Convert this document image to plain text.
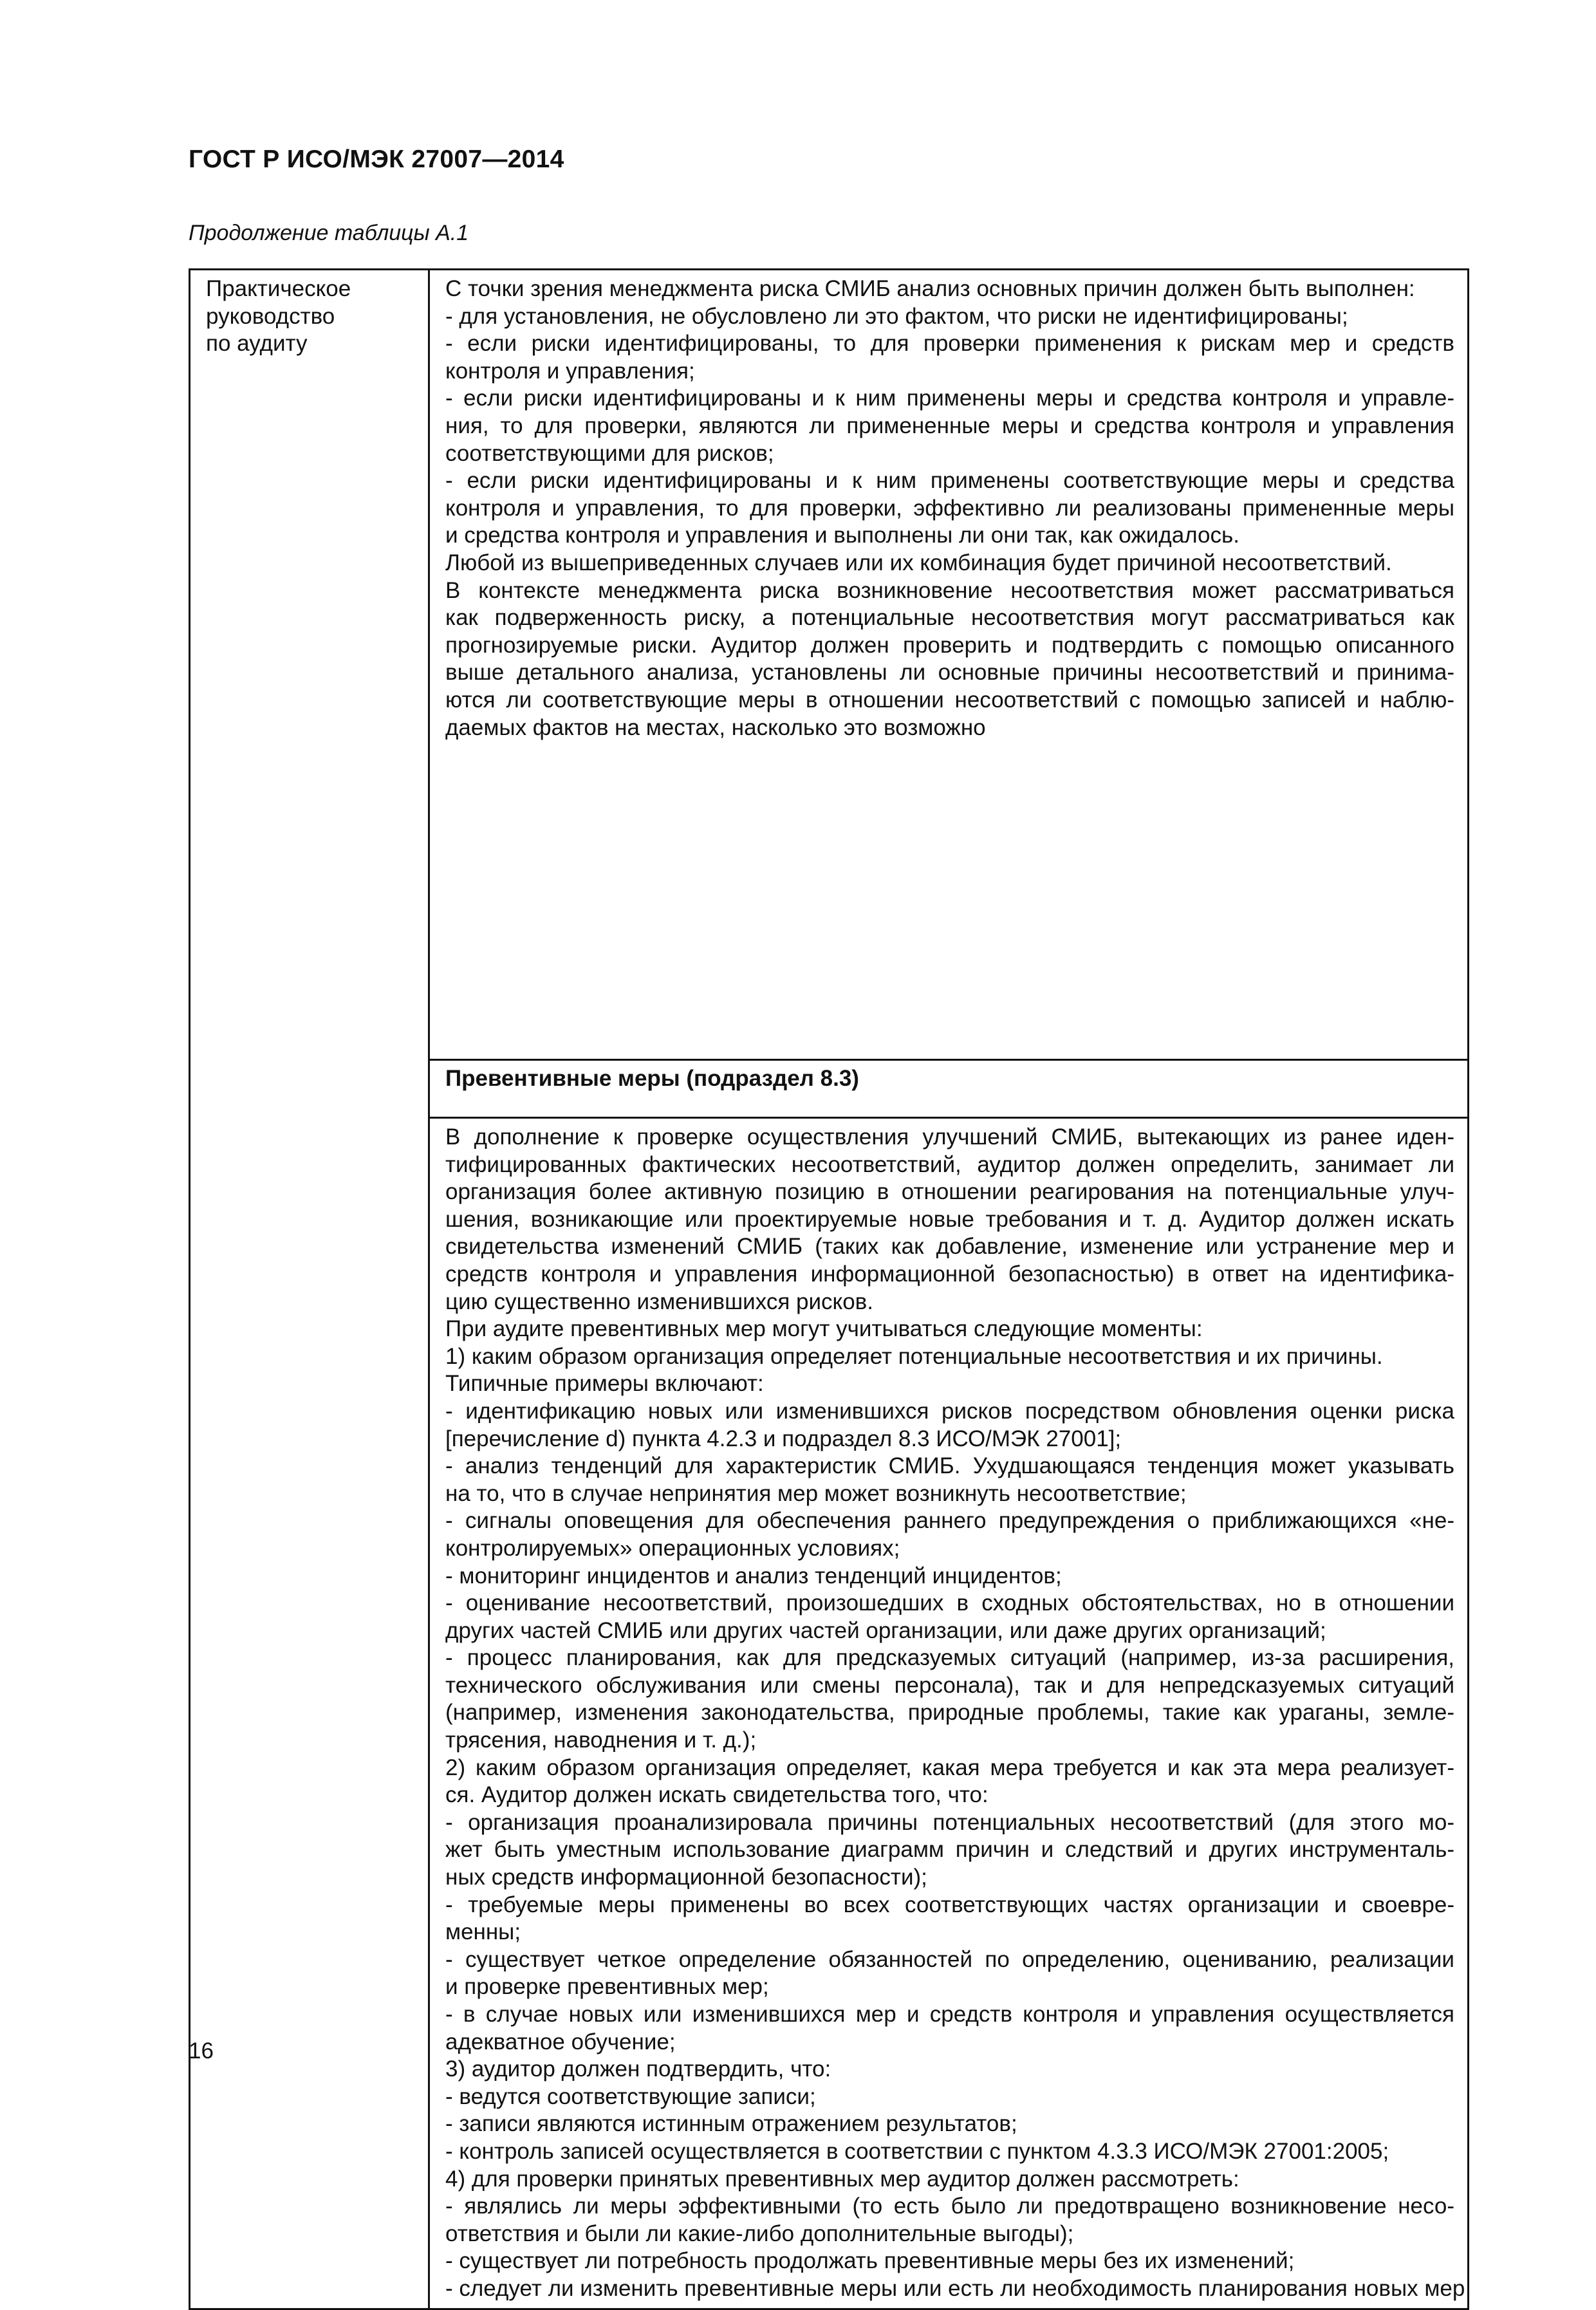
ГОСТ Р ИСО/МЭК 27007—2014
Продолжение таблицы А.1
Практическое
руководство
по аудиту

С точки зрения менеджмента риска СМИБ анализ основных причин должен быть выполнен:
- для установления, не обусловлено ли это фактом, что риски не идентифицированы;
- если риски идентифицированы, то для проверки применения к рискам мер и средств
контроля и управления;
- если риски идентифицированы и к ним применены меры и средства контроля и управле-
ния, то для проверки, являются ли примененные меры и средства контроля и управления
соответствующими для рисков;
- если риски идентифицированы и к ним применены соответствующие меры и средства
контроля и управления, то для проверки, эффективно ли реализованы примененные меры
и средства контроля и управления и выполнены ли они так, как ожидалось.
Любой из вышеприведенных случаев или их комбинация будет причиной несоответствий.
В контексте менеджмента риска возникновение несоответствия может рассматриваться
как подверженность риску, а потенциальные несоответствия могут рассматриваться как
прогнозируемые риски. Аудитор должен проверить и подтвердить с помощью описанного
выше детального анализа, установлены ли основные причины несоответствий и принима-
ются ли соответствующие меры в отношении несоответствий с помощью записей и наблю-
даемых фактов на местах, насколько это возможно

Превентивные меры (подраздел 8.3)

В дополнение к проверке осуществления улучшений СМИБ, вытекающих из ранее иден-
тифицированных фактических несоответствий, аудитор должен определить, занимает ли
организация более активную позицию в отношении реагирования на потенциальные улуч-
шения, возникающие или проектируемые новые требования и т. д. Аудитор должен искать
свидетельства изменений СМИБ (таких как добавление, изменение или устранение мер и
средств контроля и управления информационной безопасностью) в ответ на идентифика-
цию существенно изменившихся рисков.
При аудите превентивных мер могут учитываться следующие моменты:
1) каким образом организация определяет потенциальные несоответствия и их причины.
Типичные примеры включают:
- идентификацию новых или изменившихся рисков посредством обновления оценки риска
[перечисление d) пункта 4.2.3 и подраздел 8.3 ИСО/МЭК 27001];
- анализ тенденций для характеристик СМИБ. Ухудшающаяся тенденция может указывать
на то, что в случае непринятия мер может возникнуть несоответствие;
- сигналы оповещения для обеспечения раннего предупреждения о приближающихся «не-
контролируемых» операционных условиях;
- мониторинг инцидентов и анализ тенденций инцидентов;
- оценивание несоответствий, произошедших в сходных обстоятельствах, но в отношении
других частей СМИБ или других частей организации, или даже других организаций;
- процесс планирования, как для предсказуемых ситуаций (например, из-за расширения,
технического обслуживания или смены персонала), так и для непредсказуемых ситуаций
(например, изменения законодательства, природные проблемы, такие как ураганы, земле-
трясения, наводнения и т. д.);
2) каким образом организация определяет, какая мера требуется и как эта мера реализует-
ся. Аудитор должен искать свидетельства того, что:
- организация проанализировала причины потенциальных несоответствий (для этого мо-
жет быть уместным использование диаграмм причин и следствий и других инструменталь-
ных средств информационной безопасности);
- требуемые меры применены во всех соответствующих частях организации и своевре-
менны;
- существует четкое определение обязанностей по определению, оцениванию, реализации
и проверке превентивных мер;
- в случае новых или изменившихся мер и средств контроля и управления осуществляется
адекватное обучение;
3) аудитор должен подтвердить, что:
- ведутся соответствующие записи;
- записи являются истинным отражением результатов;
- контроль записей осуществляется в соответствии с пунктом 4.3.3 ИСО/МЭК 27001:2005;
4) для проверки принятых превентивных мер аудитор должен рассмотреть:
- являлись ли меры эффективными (то есть было ли предотвращено возникновение несо-
ответствия и были ли какие-либо дополнительные выгоды);
- существует ли потребность продолжать превентивные меры без их изменений;
- следует ли изменить превентивные меры или есть ли необходимость планирования новых мер
16
